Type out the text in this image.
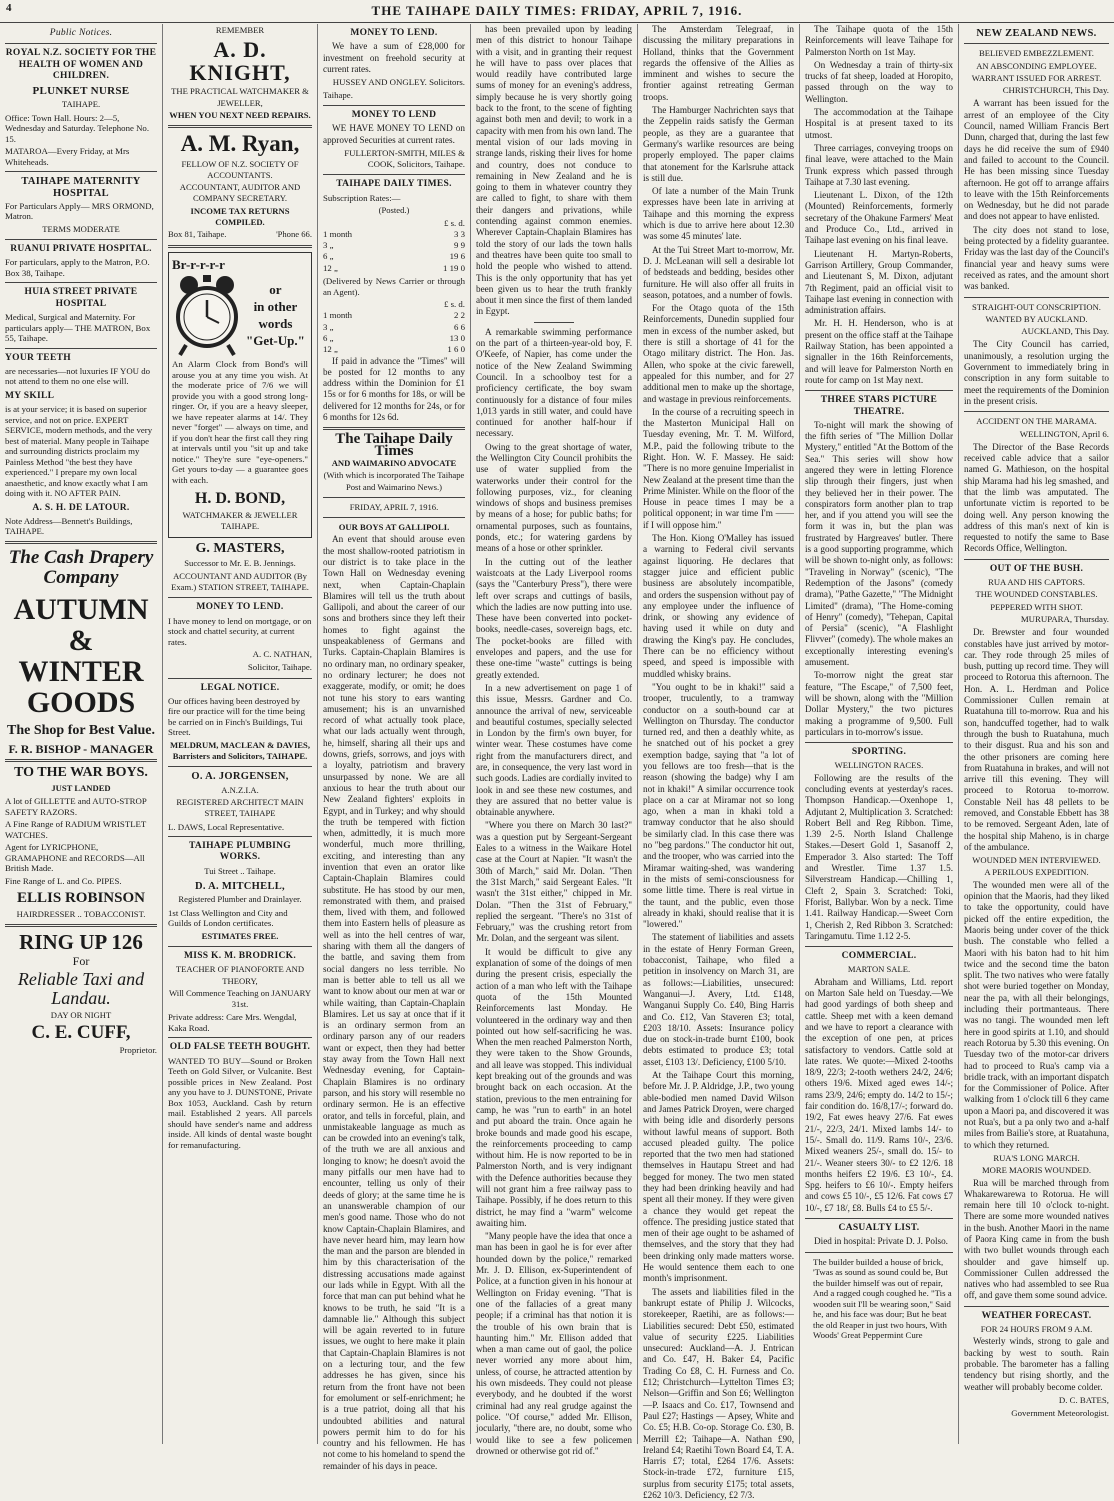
4	THE TAIHAPE DAILY TIMES: FRIDAY, APRIL 7, 1916.
Public Notices.
ROYAL N.Z. SOCIETY FOR THE HEALTH OF WOMEN AND CHILDREN.
PLUNKET NURSE
TAIHAPE.
Office: Town Hall. Hours: 2—5, Wednesday and Saturday. Telephone No. 15.
MATAROA—Every Friday, at Mrs Whiteheads.
TAIHAPE MATERNITY HOSPITAL
For Particulars Apply— MRS ORMOND, Matron.
TERMS MODERATE
RUANUI PRIVATE HOSPITAL.
For particulars, apply to the Matron, P.O. Box 38, Taihape.
HUIA STREET PRIVATE HOSPITAL
Medical, Surgical and Maternity. For particulars apply— THE MATRON, Box 55, Taihape.
YOUR TEETH
are necessaries—not luxuries IF YOU do not attend to them no one else will.
MY SKILL
is at your service; it is based on superior service, and not on price. EXPERT SERVICE, modern methods, and the very best of material. Many people in Taihape and surrounding districts proclaim my Painless Method "the best they have experienced." I prepare my own local anaesthetic, and know exactly what I am doing with it. NO AFTER PAIN.
A. S. H. DE LATOUR.
Note Address—Bennett's Buildings, TAIHAPE.
The Cash Drapery Company
AUTUMN & WINTER GOODS
The Shop for Best Value.
F. R. BISHOP - MANAGER
TO THE WAR BOYS.
JUST LANDED
A lot of GILLETTE and AUTO-STROP SAFETY RAZORS.
A Fine Range of RADIUM WRISTLET WATCHES.
Agent for LYRICPHONE, GRAMAPHONE and RECORDS—All British Made.
Fine Range of L. and Co. PIPES.
ELLIS ROBINSON
HAIRDRESSER .. TOBACCONIST.
RING UP 126
For
Reliable Taxi and Landau.
DAY OR NIGHT
C. E. CUFF,
Proprietor.
REMEMBER
A. D. KNIGHT,
THE PRACTICAL WATCHMAKER & JEWELLER,
WHEN YOU NEXT NEED REPAIRS.
A. M. Ryan,
FELLOW OF N.Z. SOCIETY OF ACCOUNTANTS.
ACCOUNTANT, AUDITOR AND COMPANY SECRETARY.
INCOME TAX RETURNS COMPILED.
Box 81, Taihape.	'Phone 66.
Br-r-r-r-r
or
in other
words
"Get-Up."
An Alarm Clock from Bond's will arouse you at any time you wish. At the moderate price of 7/6 we will provide you with a good strong long-ringer. Or, if you are a heavy sleeper, we have repeater alarms at 14/. They never "forget" — always on time, and if you don't hear the first call they ring at intervals until you "sit up and take notice." They're sure "eye-openers." Get yours to-day — a guarantee goes with each.
H. D. BOND,
WATCHMAKER & JEWELLER TAIHAPE.
G. MASTERS,
Successor to Mr. E. B. Jennings.
ACCOUNTANT AND AUDITOR (By Exam.) STATION STREET, TAIHAPE.
MONEY TO LEND.
I have money to lend on mortgage, or on stock and chattel security, at current rates.
A. C. NATHAN,
Solicitor, Taihape.
LEGAL NOTICE.
Our offices having been destroyed by fire our practice will for the time being be carried on in Finch's Buildings, Tui Street.
MELDRUM, MACLEAN & DAVIES, Barristers and Solicitors, TAIHAPE.
O. A. JORGENSEN,
A.N.Z.I.A.
REGISTERED ARCHITECT MAIN STREET, TAIHAPE
L. DAWS, Local Representative.
TAIHAPE PLUMBING WORKS.
Tui Street .. Taihape.
D. A. MITCHELL,
Registered Plumber and Drainlayer.
1st Class Wellington and City and Guilds of London certificates.
ESTIMATES FREE.
MISS K. M. BRODRICK.
TEACHER OF PIANOFORTE AND THEORY,
Will Commence Teaching on JANUARY 31st.
Private address: Care Mrs. Wengdal, Kaka Road.
OLD FALSE TEETH BOUGHT.
WANTED TO BUY—Sound or Broken Teeth on Gold Silver, or Vulcanite. Best possible prices in New Zealand. Post any you have to J. DUNSTONE, Private Box 1053, Auckland. Cash by return mail. Established 2 years. All parcels should have sender's name and address inside. All kinds of dental waste bought for remanufacturing.
MONEY TO LEND.

We have a sum of £28,000 for investment on freehold security at current rates.

HUSSEY AND ONGLEY. Solicitors.
Taihape.
MONEY TO LEND

WE HAVE MONEY TO LEND on approved Securities at current rates.

FULLERTON-SMITH, MILES & COOK, Solicitors, Taihape.
TAIHAPE DAILY TIMES.
Subscription Rates:—
(Posted.)
	£ s. d.
1 month	3 3
3 „	9 9
6 „	19 6
12 „	1 19 0
(Delivered by News Carrier or through an Agent).
	£ s. d.
1 month	2 2
3 „	6 6
6 „	13 0
12 „	1 6 0

If paid in advance the "Times" will be posted for 12 months to any address within the Dominion for £1 15s or for 6 months for 18s, or will be delivered for 12 months for 24s, or for 6 months for 12s 6d.

The Taihape Daily Times
AND WAIMARINO ADVOCATE
(With which is incorporated The Taihape Post and Waimarino News.)
FRIDAY, APRIL 7, 1916.
OUR BOYS AT GALLIPOLI.

An event that should arouse even the most shallow-rooted patriotism in our district is to take place in the Town Hall on Wednesday evening next, when Captain-Chaplain Blamires will tell us the truth about Gallipoli, and about the career of our sons and brothers since they left their homes to fight against the unspeakableness of Germans and Turks. Captain-Chaplain Blamires is no ordinary man, no ordinary speaker, no ordinary lecturer; he does not exaggerate, modify, or omit; he does not tune his story to ears wanting amusement; his is an unvarnished record of what actually took place, what our lads actually went through, he, himself, sharing all their ups and downs, griefs, sorrows, and joys with a loyalty, patriotism and bravery unsurpassed by none. We are all anxious to hear the truth about our New Zealand fighters' exploits in Egypt, and in Turkey; and why should the truth be tempered with fiction when, admittedly, it is much more wonderful, much more thrilling, exciting, and interesting than any invention that even an orator like Captain-Chaplain Blamires could substitute. He has stood by our men, remonstrated with them, and praised them, lived with them, and followed them into Eastern hells of pleasure as well as into the hell centres of war, sharing with them all the dangers of the battle, and saving them from social dangers no less terrible. No man is better able to tell us all we want to know about our men at war or while waiting, than Captain-Chaplain Blamires. Let us say at once that if it is an ordinary sermon from an ordinary parson any of our readers want or expect, then they had better stay away from the Town Hall next Wednesday evening, for Captain-Chaplain Blamires is no ordinary parson, and his story will resemble no ordinary sermon. He is an effective orator, and tells in forceful, plain, and unmistakeable language as much as can be crowded into an evening's talk, of the truth we are all anxious and longing to know; he doesn't avoid the many pitfalls our men have had to encounter, telling us only of their deeds of glory; at the same time he is an unanswerable champion of our men's good name. Those who do not know Captain-Chaplain Blamires, and have never heard him, may learn how the man and the parson are blended in him by this characterisation of the distressing accusations made against our lads while in Egypt. With all the force that man can put behind what he knows to be truth, he said "It is a damnable lie." Although this subject will be again reverted to in future issues, we ought to here make it plain that Captain-Chaplain Blamires is not on a lecturing tour, and the few addresses he has given, since his return from the front have not been for emolument or self-enrichment; he is a true patriot, doing all that his undoubted abilities and natural powers permit him to do for his country and his fellowmen. He has not come to his homeland to spend the remainder of his days in peace.

has been prevailed upon by leading men of this district to honour Taihape with a visit, and in granting their request he will have to pass over places that would readily have contributed large sums of money for an evening's address, simply because he is very shortly going back to the front, to the scene of fighting against both men and devil; to work in a capacity with men from his own land. The mental vision of our lads moving in strange lands, risking their lives for home and country, does not conduce to remaining in New Zealand and he is going to them in whatever country they are called to fight, to share with them their dangers and privations, while contending against common enemies. Wherever Captain-Chaplain Blamires has told the story of our lads the town halls and theatres have been quite too small to hold the people who wished to attend. This is the only opportunity that has yet been given us to hear the truth frankly about it men since the first of them landed in Egypt.

A remarkable swimming performance on the part of a thirteen-year-old boy, F. O'Keefe, of Napier, has come under the notice of the New Zealand Swimming Council. In a schoolboy test for a proficiency certificate, the boy swam continuously for a distance of four miles 1,013 yards in still water, and could have continued for another half-hour if necessary.

Owing to the great shortage of water, the Wellington City Council prohibits the use of water supplied from the waterworks under their control for the following purposes, viz., for cleaning windows of shops and business premises by means of a hose; for public baths; for ornamental purposes, such as fountains, ponds, etc.; for watering gardens by means of a hose or other sprinkler.

In the cutting out of the leather waistcoats at the Lady Liverpool rooms (says the "Canterbury Press"), there were left over scraps and cuttings of basils, which the ladies are now putting into use. These have been converted into pocket-books, needle-cases, sovereign bags, etc. The pocket-books are filled with envelopes and papers, and the use for these one-time "waste" cuttings is being greatly extended.

In a new advertisement on page 1 of this issue, Messrs. Gardner and Co. announce the arrival of new, serviceable and beautiful costumes, specially selected in London by the firm's own buyer, for winter wear. These costumes have come right from the manufacturers direct, and are, in consequence, the very last word in such goods. Ladies are cordially invited to look in and see these new costumes, and they are assured that no better value is obtainable anywhere.

"Where you there on March 30 last?" was a question put by Sergeant-Sergeant Eales to a witness in the Waikare Hotel case at the Court at Napier. "It wasn't the 30th of March," said Mr. Dolan. "Then the 31st March," said Sergeant Eales. "It wasn't the 31st either," chipped in Mr. Dolan. "Then the 31st of February," replied the sergeant. "There's no 31st of February," was the crushing retort from Mr. Dolan, and the sergeant was silent.

It would be difficult to give any explanation of some of the doings of men during the present crisis, especially the action of a man who left with the Taihape quota of the 15th Mounted Reinforcements last Monday. He volunteered in the ordinary way and then pointed out how self-sacrificing he was. When the men reached Palmerston North, they were taken to the Show Grounds, and all leave was stopped. This individual kept breaking out of the grounds and was brought back on each occasion. At the station, previous to the men entraining for camp, he was "run to earth" in an hotel and put aboard the train. Once again he broke bounds and made good his escape, the reinforcements proceeding to camp without him. He is now reported to be in Palmerston North, and is very indignant with the Defence authorities because they will not grant him a free railway pass to Taihape. Possibly, if he does return to this district, he may find a "warm" welcome awaiting him.

"Many people have the idea that once a man has been in gaol he is for ever after hounded down by the police," remarked Mr. J. D. Ellison, ex-Superintendent of Police, at a function given in his honour at Wellington on Friday evening. "That is one of the fallacies of a great many people; if a criminal has that notion it is the trouble of his own brain that is haunting him." Mr. Ellison added that when a man came out of gaol, the police never worried any more about him, unless, of course, he attracted attention by his own misdeeds. They could not please everybody, and he doubted if the worst criminal had any real grudge against the police. "Of course," added Mr. Ellison, jocularly, "there are, no doubt, some who would like to see a few policemen drowned or otherwise got rid of."

The Amsterdam Telegraaf, in discussing the military preparations in Holland, thinks that the Government regards the offensive of the Allies as imminent and wishes to secure the frontier against retreating German troops.

The Hamburger Nachrichten says that the Zeppelin raids satisfy the German people, as they are a guarantee that Germany's warlike resources are being properly employed. The paper claims that atonement for the Karlsruhe attack is still due.

Of late a number of the Main Trunk expresses have been late in arriving at Taihape and this morning the express which is due to arrive here about 12.30 was some 45 minutes' late.

At the Tui Street Mart to-morrow, Mr. D. J. McLeanan will sell a desirable lot of bedsteads and bedding, besides other furniture. He will also offer all fruits in season, potatoes, and a number of fowls.

For the Otago quota of the 15th Reinforcements, Dunedin supplied four men in excess of the number asked, but there is still a shortage of 41 for the Otago military district. The Hon. Jas. Allen, who spoke at the civic farewell, appealed for this number, and for 27 additional men to make up the shortage, and wastage in previous reinforcements.

In the course of a recruiting speech in the Masterton Municipal Hall on Tuesday evening, Mr. T. M. Wilford, M.P., paid the following tribute to the Right. Hon. W. F. Massey. He said: "There is no more genuine Imperialist in New Zealand at the present time than the Prime Minister. While on the floor of the House in peace times I may be a political opponent; in war time I'm —— if I will oppose him."

The Hon. Kiong O'Malley has issued a warning to Federal civil servants against liquoring. He declares that stagger juice and efficient public business are absolutely incompatible, and orders the suspension without pay of any employee under the influence of drink, or showing any evidence of having used it while on duty and drawing the King's pay. He concludes, There can be no efficiency without speed, and speed is impossible with muddled whisky brains.

"You ought to be in khaki!" said a trooper, truculently, to a tramway conductor on a south-bound car at Wellington on Thursday. The conductor turned red, and then a deathly white, as he snatched out of his pocket a grey exemption badge, saying that "a lot of you fellows are too fresh—that is the reason (showing the badge) why I am not in khaki!" A similar occurrence took place on a car at Miramar not so long ago, when a man in khaki told a tramway conductor that he also should be similarly clad. In this case there was no "beg pardons." The conductor hit out, and the trooper, who was carried into the Miramar waiting-shed, was wandering in the mists of semi-consciousness for some little time. There is real virtue in the taunt, and the public, even those already in khaki, should realise that it is "lowered."

The statement of liabilities and assets in the estate of Henry Forman Green, tobacconist, Taihape, who filed a petition in insolvency on March 31, are as follows:—Liabilities, unsecured: Wanganui—J. Avery, Ltd. £148, Wanganui Supply Co. £40, Bing Harris and Co. £12, Van Staveren £3; total, £203 18/10. Assets: Insurance policy due on stock-in-trade burnt £100, book debts estimated to produce £3; total asset, £103 13/. Deficiency, £100 5/10.

At the Taihape Court this morning, before Mr. J. P. Aldridge, J.P., two young able-bodied men named David Wilson and James Patrick Droyen, were charged with being idle and disorderly persons without lawful means of support. Both accused pleaded guilty. The police reported that the two men had stationed themselves in Hautapu Street and had begged for money. The two men stated they had been drinking heavily and had spent all their money. If they were given a chance they would get repeat the offence. The presiding justice stated that men of their age ought to be ashamed of themselves, and the story that they had been drinking only made matters worse. He would sentence them each to one month's imprisonment.

The assets and liabilities filed in the bankrupt estate of Philip J. Wilcocks, storekeeper, Raetihi, are as follows:—Liabilities secured: Debt £50, estimated value of security £225. Liabilities unsecured: Auckland—A. J. Entrican and Co. £47, H. Baker £4, Pacific Trading Co £8, C. H. Furness and Co. £12; Christchurch—Lyttelton Times £3; Nelson—Griffin and Son £6; Wellington—P. Isaacs and Co. £17, Townsend and Paul £27; Hastings — Apsey, White and Co. £5; H.B. Co-op. Storage Co. £30, B. Merrill £2; Taihape—A. Nathan £90, Ireland £4; Raetihi Town Board £4, T. A. Harris £7; total, £264 17/6. Assets: Stock-in-trade £72, furniture £15, surplus from security £175; total assets, £262 10/3. Deficiency, £2 7/3.

The Taihape quota of the 15th Reinforcements will leave Taihape for Palmerston North on 1st May.

On Wednesday a train of thirty-six trucks of fat sheep, loaded at Horopito, passed through on the way to Wellington.

The accommodation at the Taihape Hospital is at present taxed to its utmost.

Three carriages, conveying troops on final leave, were attached to the Main Trunk express which passed through Taihape at 7.30 last evening.

Lieutenant L. Dixon, of the 12th (Mounted) Reinforcements, formerly secretary of the Ohakune Farmers' Meat and Produce Co., Ltd., arrived in Taihape last evening on his final leave.

Lieutenant H. Martyn-Roberts, Garrison Artillery, Group Commander, and Lieutenant S, M. Dixon, adjutant 7th Regiment, paid an official visit to Taihape last evening in connection with administration affairs.

Mr. H. H. Henderson, who is at present on the office staff at the Taihape Railway Station, has been appointed a signaller in the 16th Reinforcements, and will leave for Palmerston North en route for camp on 1st May next.

THREE STARS PICTURE THEATRE.

To-night will mark the showing of the fifth series of "The Million Dollar Mystery," entitled "At the Bottom of the Sea." This series will show how angered they were in letting Florence slip through their fingers, just when they believed her in their power. The conspirators form another plan to trap her, and if you attend you will see the form it was in, but the plan was frustrated by Hargreaves' butler. There is a good supporting programme, which will be shown to-night only, as follows: "Traveling in Norway" (scenic), "The Redemption of the Jasons" (comedy drama), "Pathe Gazette," "The Midnight Limited" (drama), "The Home-coming of Henry" (comedy), "Tehepan, Capital of Persia" (scenic), "A Flashlight Flivver" (comedy). The whole makes an exceptionally interesting evening's amusement.

To-morrow night the great star feature, "The Escape," of 7,500 feet, will be shown, along with the "Million Dollar Mystery," the two pictures making a programme of 9,500. Full particulars in to-morrow's issue.

SPORTING.
WELLINGTON RACES.

Following are the results of the concluding events at yesterday's races. Thompson Handicap.—Oxenhope 1, Adjutant 2, Multiplication 3. Scratched: Robert Bell and Reg Ribbon. Time, 1.39 2-5. North Island Challenge Stakes.—Desert Gold 1, Sasanoff 2, Emperador 3. Also started: The Toff and Wrestler. Time 1.37 1.5. Silverstream Handicap.—Chilling 1, Cleft 2, Spain 3. Scratched: Toki, Fforist, Ballybar. Won by a neck. Time 1.41. Railway Handicap.—Sweet Corn 1, Cherish 2, Red Ribbon 3. Scratched: Taringamutu. Time 1.12 2-5.

COMMERCIAL.
MARTON SALE.

Abraham and Williams, Ltd. report on Marton Sale held on Tuesday.—We had good yardings of both sheep and cattle. Sheep met with a keen demand and we have to report a clearance with the exception of one pen, at prices satisfactory to vendors. Cattle sold at late rates. We quote:—Mixed 2-tooths 18/9, 22/3; 2-tooth wethers 24/2, 24/6; others 19/6. Mixed aged ewes 14/-; rams 23/9, 24/6; empty do. 14/2 to 15/-; fair condition do. 16/8,17/-; forward do. 19/2, Fat ewes heavy 27/6. Fat ewes 21/-, 22/3, 24/1. Mixed lambs 14/- to 15/-. Small do. 11/9. Rams 10/-, 23/6. Mixed weaners 25/-, small do. 15/- to 21/-. Weaner steers 30/- to £2 12/6. 18 months heifers £2 19/6. £3 10/-, £4. Spg. heifers to £6 10/-. Empty heifers and cows £5 10/-, £5 12/6. Fat cows £7 10/-, £7 18/, £8. Bulls £4 to £5 5/-.

CASUALTY LIST.

Died in hospital: Private D. J. Polso.

The builder builded a house of brick, 'Twas as sound as sound could be, But the builder himself was out of repair, And a ragged cough coughed he. "Tis a wooden suit I'll be wearing soon," Said he, and his face was dour; But he beat the old Reaper in just two hours, With Woods' Great Peppermint Cure
NEW ZEALAND NEWS.
BELIEVED EMBEZZLEMENT.
AN ABSCONDING EMPLOYEE.
WARRANT ISSUED FOR ARREST.
CHRISTCHURCH, This Day.

A warrant has been issued for the arrest of an employee of the City Council, named William Francis Bert Dunn, charged that, during the last few days he did receive the sum of £940 and failed to account to the Council. He has been missing since Tuesday afternoon. He got off to arrange affairs to leave with the 15th Reinforcements on Wednesday, but he did not parade and does not appear to have enlisted.

The city does not stand to lose, being protected by a fidelity guarantee. Friday was the last day of the Council's financial year and heavy sums were received as rates, and the amount short was banked.

STRAIGHT-OUT CONSCRIPTION.
WANTED BY AUCKLAND.
AUCKLAND, This Day.

The City Council has carried, unanimously, a resolution urging the Government to immediately bring in conscription in any form suitable to meet the requirements of the Dominion in the present crisis.

ACCIDENT ON THE MARAMA.
WELLINGTON, April 6.

The Director of the Base Records received cable advice that a sailor named G. Mathieson, on the hospital ship Marama had his leg smashed, and that the limb was amputated. The unfortunate victim is reported to be doing well. Any person knowing the address of this man's next of kin is requested to notify the same to Base Records Office, Wellington.

OUT OF THE BUSH.
RUA AND HIS CAPTORS.
THE WOUNDED CONSTABLES.
PEPPERED WITH SHOT.
MURUPARA, Thursday.

Dr. Brewster and four wounded constables have just arrived by motor-car. They rode through 25 miles of bush, putting up record time. They will proceed to Rotorua this afternoon. The Hon. A. L. Herdman and Police Commissioner Cullen remain at Ruatahuna till to-morrow. Rua and his son, handcuffed together, had to walk through the bush to Ruatahuna, much to their disgust. Rua and his son and the other prisoners are coming here from Ruatahuna in brakes, and will not arrive till this evening. They will proceed to Rotorua to-morrow. Constable Neil has 48 pellets to be removed, and Constable Ebbett has 38 to be removed. Sergeant Aden, late of the hospital ship Maheno, is in charge of the ambulance.

WOUNDED MEN INTERVIEWED.
A PERILOUS EXPEDITION.

The wounded men were all of the opinion that the Maoris, had they liked to take the opportunity, could have picked off the entire expedition, the Maoris being under cover of the thick bush. The constable who felled a Maori with his baton had to hit him twice and the second time the baton split. The two natives who were fatally shot were buried together on Monday, near the pa, with all their belongings, including their portmanteaus. There was no tangi. The wounded men left here in good spirits at 1.10, and should reach Rotorua by 5.30 this evening. On Tuesday two of the motor-car drivers had to proceed to Rua's camp via a bridle track, with an important dispatch for the Commissioner of Police. After walking from 1 o'clock till 6 they came upon a Maori pa, and discovered it was not Rua's, but a pa only two and a-half miles from Bailie's store, at Ruatahuna, to which they returned.

RUA'S LONG MARCH.
MORE MAORIS WOUNDED.

Rua will be marched through from Whakarewarewa to Rotorua. He will remain here till 10 o'clock to-night. There are some more wounded natives in the bush. Another Maori in the name of Paora King came in from the bush with two bullet wounds through each shoulder and gave himself up. Commissioner Cullen addressed the natives who had assembled to see Rua off, and gave them some sound advice.

WEATHER FORECAST.
FOR 24 HOURS FROM 9 A.M.

Westerly winds, strong to gale and backing by west to south. Rain probable. The barometer has a falling tendency but rising shortly, and the weather will probably become colder.

D. C. BATES,
Government Meteorologist.
